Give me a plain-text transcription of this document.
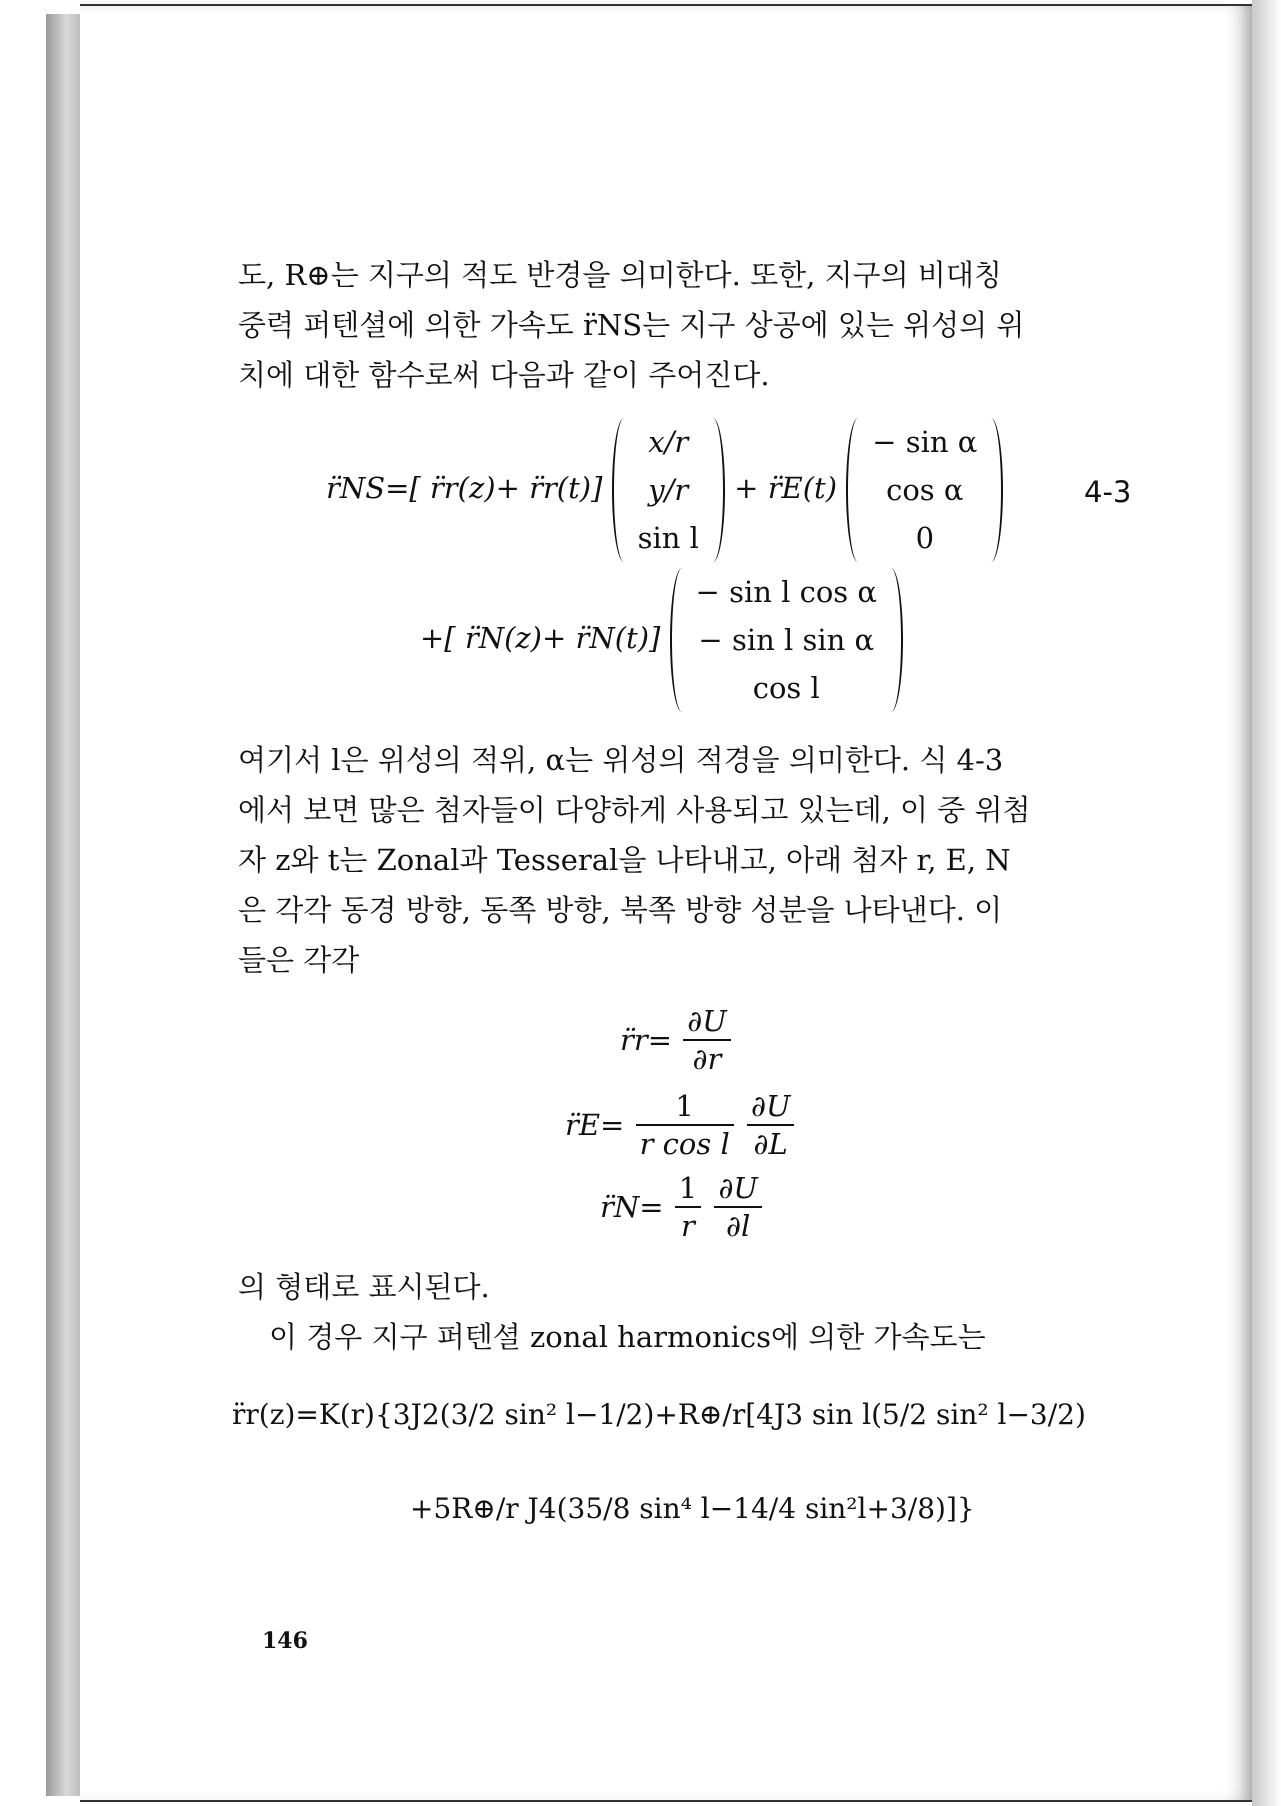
도, R⊕는 지구의 적도 반경을 의미한다. 또한, 지구의 비대칭

중력 퍼텐셜에 의한 가속도 r̈NS는 지구 상공에 있는 위성의 위

치에 대한 함수로써 다음과 같이 주어진다.

r̈NS=[ r̈r(z)+ r̈r(t)]
x/r
y/r
sin l
+ r̈E(t)
− sin α
cos α
0
4-3
+[ r̈N(z)+ r̈N(t)]
− sin l cos α
− sin l sin α
cos l

여기서 l은 위성의 적위, α는 위성의 적경을 의미한다. 식 4-3

에서 보면 많은 첨자들이 다양하게 사용되고 있는데, 이 중 위첨

자 z와 t는 Zonal과 Tesseral을 나타내고, 아래 첨자 r, E, N

은 각각 동경 방향, 동쪽 방향, 북쪽 방향 성분을 나타낸다. 이

들은 각각

r̈r= $\frac{\partial U}{\partial r}$
r̈E= $\frac{1}{\text{r cos l}}$
$\frac{\partial U}{\partial L}$
r̈N= $\frac{1}{r}$
$\frac{\partial U}{\partial l}$

의 형태로 표시된다.

이 경우 지구 퍼텐셜 zonal harmonics에 의한 가속도는

r̈r(z)=K(r){3J2(3/2 sin² l−1/2)+R⊕/r[4J3 sin l(5/2 sin² l−3/2)
+5R⊕/r J4(35/8 sin⁴ l−14/4 sin²l+3/8)]}
146
